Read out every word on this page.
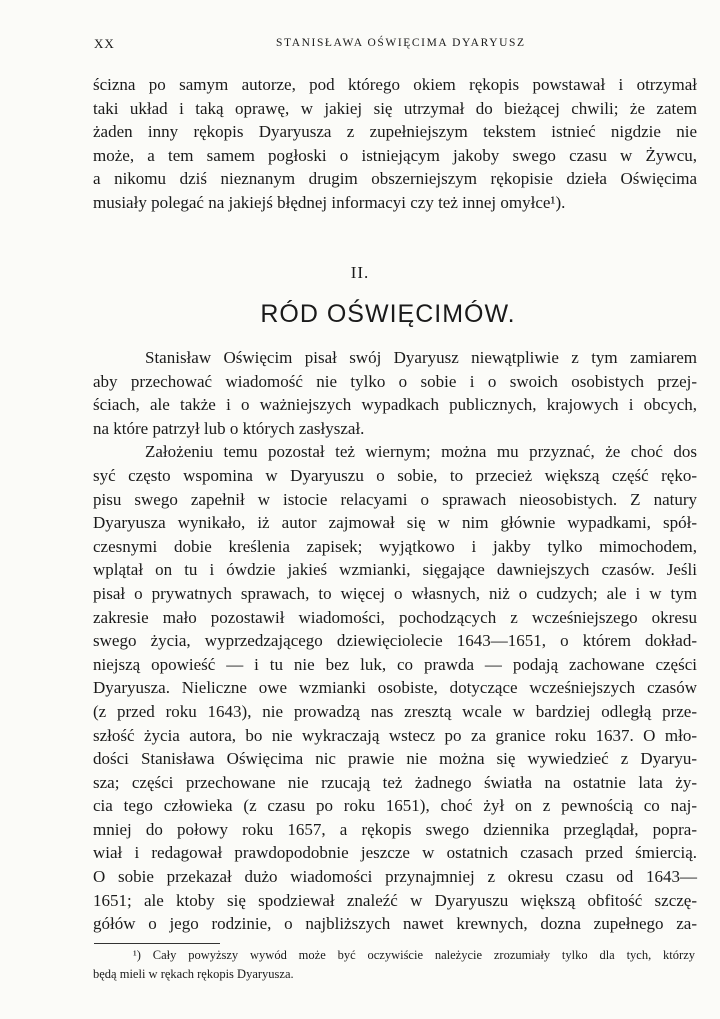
XX	STANISŁAWA OŚWIĘCIMA DYARYUSZ
ścizna po samym autorze, pod którego okiem rękopis powstawał i otrzymał
taki układ i taką oprawę, w jakiej się utrzymał do bieżącej chwili; że zatem
żaden inny rękopis Dyaryusza z zupełniejszym tekstem istnieć nigdzie nie
może, a tem samem pogłoski o istniejącym jakoby swego czasu w Żywcu,
a nikomu dziś nieznanym drugim obszerniejszym rękopisie dzieła Oświęcima
musiały polegać na jakiejś błędnej informacyi czy też innej omyłce¹).
II.
RÓD OŚWIĘCIMÓW.
Stanisław Oświęcim pisał swój Dyaryusz niewątpliwie z tym zamiarem
aby przechować wiadomość nie tylko o sobie i o swoich osobistych przej-
ściach, ale także i o ważniejszych wypadkach publicznych, krajowych i obcych,
na które patrzył lub o których zasłyszał.
Założeniu temu pozostał też wiernym; można mu przyznać, że choć dos
syć często wspomina w Dyaryuszu o sobie, to przecież większą część ręko-
pisu swego zapełnił w istocie relacyami o sprawach nieosobistych. Z natury
Dyaryusza wynikało, iż autor zajmował się w nim głównie wypadkami, spół-
czesnymi dobie kreślenia zapisek; wyjątkowo i jakby tylko mimochodem,
wplątał on tu i ówdzie jakieś wzmianki, sięgające dawniejszych czasów. Jeśli
pisał o prywatnych sprawach, to więcej o własnych, niż o cudzych; ale i w tym
zakresie mało pozostawił wiadomości, pochodzących z wcześniejszego okresu
swego życia, wyprzedzającego dziewięciolecie 1643—1651, o którem dokład-
niejszą opowieść — i tu nie bez luk, co prawda — podają zachowane części
Dyaryusza. Nieliczne owe wzmianki osobiste, dotyczące wcześniejszych czasów
(z przed roku 1643), nie prowadzą nas zresztą wcale w bardziej odległą prze-
szłość życia autora, bo nie wykraczają wstecz po za granice roku 1637. O mło-
dości Stanisława Oświęcima nic prawie nie można się wywiedzieć z Dyaryu-
sza; części przechowane nie rzucają też żadnego światła na ostatnie lata ży-
cia tego człowieka (z czasu po roku 1651), choć żył on z pewnością co naj-
mniej do połowy roku 1657, a rękopis swego dziennika przeglądał, popra-
wiał i redagował prawdopodobnie jeszcze w ostatnich czasach przed śmiercią.
O sobie przekazał dużo wiadomości przynajmniej z okresu czasu od 1643—
1651; ale ktoby się spodziewał znaleźć w Dyaryuszu większą obfitość szczę-
gółów o jego rodzinie, o najbliższych nawet krewnych, dozna zupełnego za-
¹) Cały powyższy wywód może być oczywiście należycie zrozumiały tylko dla tych, którzy
będą mieli w rękach rękopis Dyaryusza.
